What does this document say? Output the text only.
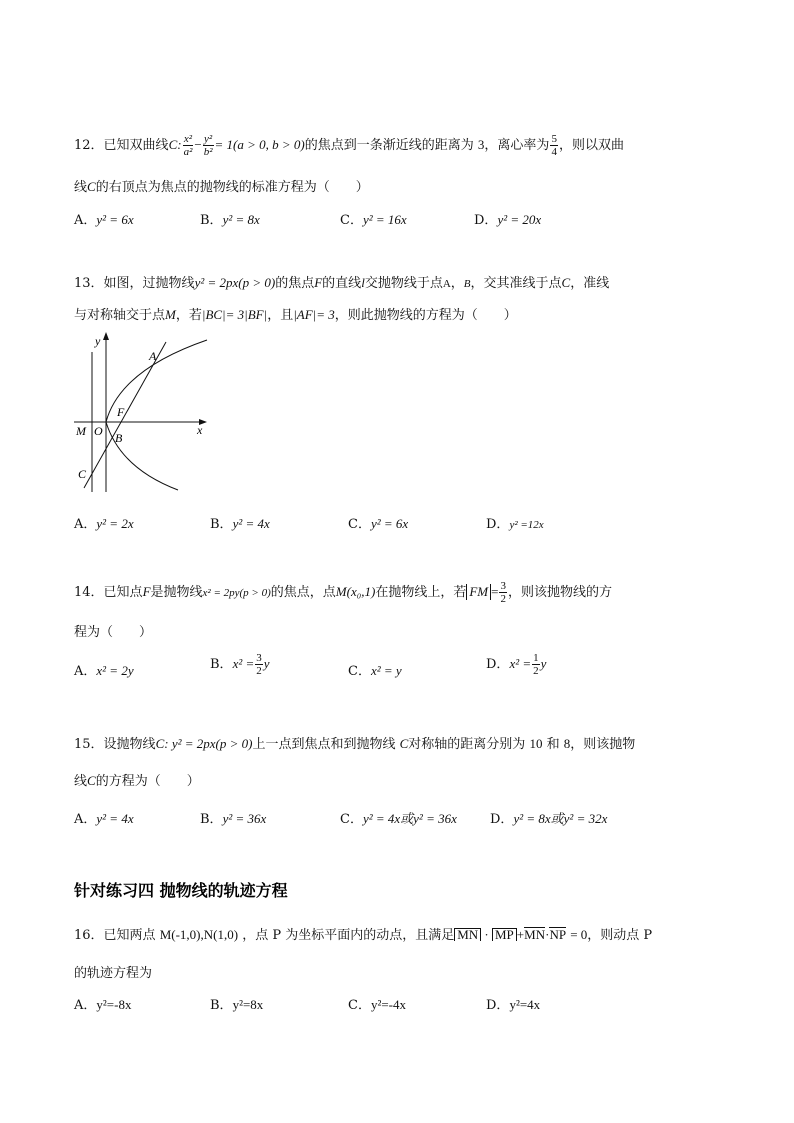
12．已知双曲线C: $\frac{\text{x²}}{\text{a²}} - \frac{\text{y²}}{\text{b²}} = 1(a > 0$, b > 0)的焦点到一条渐近线的距离为 3，离心率为 $\frac{5}{4}$ ，则以双曲
线C的右顶点为焦点的抛物线的标准方程为（　　）
A．y² = 6x	B．y² = 8x	C．y² = 16x	D．y² = 20x
13．如图，过抛物线y² = 2px(p > 0)的焦点F的直线l交抛物线于点A，B，交其准线于点C，准线
与对称轴交于点M，若|BC|= 3|BF|，且|AF|= 3，则此抛物线的方程为（　　）
y
A
F
x
M O B
C
A．y² = 2x	B．y² = 4x	C．y² = 6x	D．y² =12x
14．已知点F是抛物线x² = 2py(p > 0)的焦点，点M(x₀,1)在抛物线上，若 FM = $\frac{3}{2}$ ，则该抛物线的方
程为（　　）
A．x² = 2y	B．$x^2 = \frac{3}{2}$ y
C．x² = y	D．$x^2 = \frac{1}{2}$ y
15．设抛物线C: y² = 2px(p > 0)上一点到焦点和到抛物线 C对称轴的距离分别为 10 和 8，则该抛物
线C的方程为（　　）
A．y² = 4x	B．y² = 36x	C．y² = 4x或y² = 36x	D．y² = 8x或y² = 32x
针对练习四 抛物线的轨迹方程
16．已知两点 M(-1,0),N(1,0) ，点 P 为坐标平面内的动点，且满足 MN · MP +MN·NP = 0，则动点 P
的轨迹方程为
A．y²=-8x	B．y²=8x	C．y²=-4x	D．y²=4x
